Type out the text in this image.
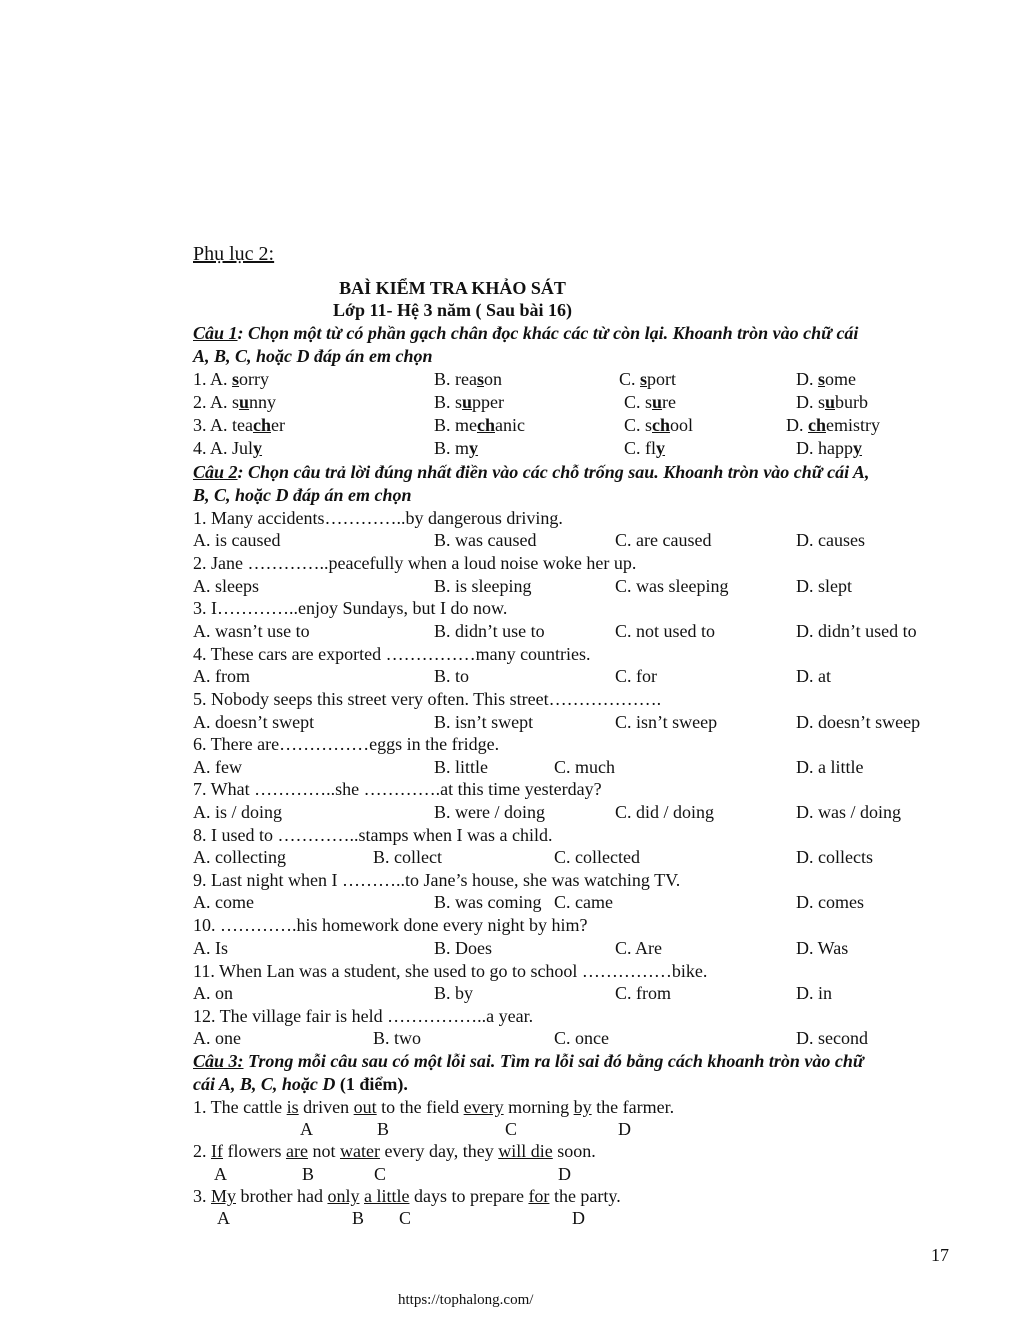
Phụ lục 2:
BAÌ KIỂM TRA KHẢO SÁT
Lớp 11- Hệ 3 năm ( Sau bài 16)
Câu 1: Chọn một từ có phần gạch chân đọc khác các từ còn lại. Khoanh tròn vào chữ cái
A, B, C, hoặc D đáp án em chọn
1. A. sorry	B. reason	C. sport	D. some
2. A. sunny	B. supper	C. sure	D. suburb
3. A. teacher	B. mechanic	C. school	D. chemistry
4. A. July	B. my	C. fly	D. happy
Câu 2: Chọn câu trả lời đúng nhất điền vào các chỗ trống sau. Khoanh tròn vào chữ cái A,
B, C, hoặc D đáp án em chọn
1. Many accidents…………..by dangerous driving.
A. is caused	B. was caused	C. are caused	D. causes
2. Jane …………..peacefully when a loud noise woke her up.
A. sleeps	B. is sleeping	C. was sleeping	D. slept
3. I…………..enjoy Sundays, but I do now.
A. wasn’t use to	B. didn’t use to	C. not used to	D. didn’t used to
4. These cars are exported ……………many countries.
A. from	B. to	C. for	D. at
5. Nobody seeps this street very often. This street……………….
A. doesn’t swept	B. isn’t swept	C. isn’t sweep	D. doesn’t sweep
6. There are……………eggs in the fridge.
A. few	B. little	C. much	D. a little
7. What …………..she ………….at this time yesterday?
A. is / doing	B. were / doing	C. did / doing	D. was / doing
8. I used to …………..stamps when I was a child.
A. collecting	B. collect	C. collected	D. collects
9. Last night when I ………..to Jane’s house, she was watching TV.
A. come	B. was coming C. came	D. comes
10. ………….his homework done every night by him?
A. Is	B. Does	C. Are	D. Was
11. When Lan was a student, she used to go to school ……………bike.
A. on	B. by	C. from	D. in
12. The village fair is held ……………..a year.
A. one	B. two	C. once	D. second
Câu 3: Trong mỗi câu sau có một lỗi sai. Tìm ra lỗi sai đó bằng cách khoanh tròn vào chữ
cái A, B, C, hoặc D (1 điểm).
1. The cattle is driven out to the field every morning by the farmer.
A	B	C	D
2. If flowers are not water every day, they will die soon.
A	B	C	D
3. My brother had only a little days to prepare for the party.
A	B C	D
17
https://tophalong.com/
